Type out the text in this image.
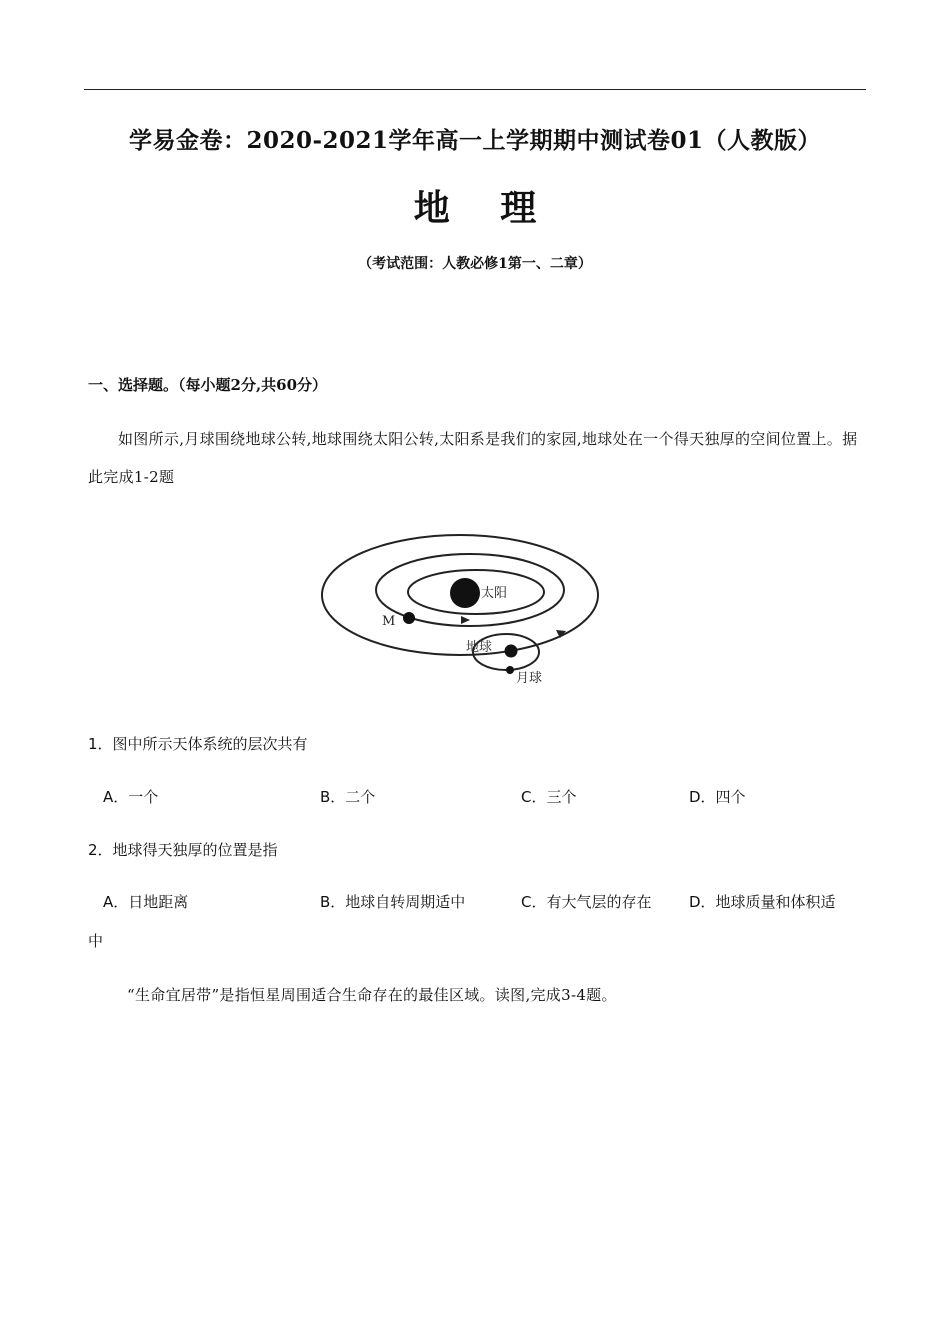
学易金卷：2020-2021学年高一上学期期中测试卷01（人教版）
地 理
（考试范围：人教必修1第一、二章）
一、选择题。（每小题2分,共60分）
如图所示,月球围绕地球公转,地球围绕太阳公转,太阳系是我们的家园,地球处在一个得天独厚的空间位置上。据此完成1-2题
太阳
M
地球
月球
1．图中所示天体系统的层次共有
A．一个	B．二个	C．三个	D．四个
2．地球得天独厚的位置是指
A．日地距离	B．地球自转周期适中	C．有大气层的存在	D．地球质量和体积适
中
“生命宜居带”是指恒星周围适合生命存在的最佳区域。读图,完成3-4题。
